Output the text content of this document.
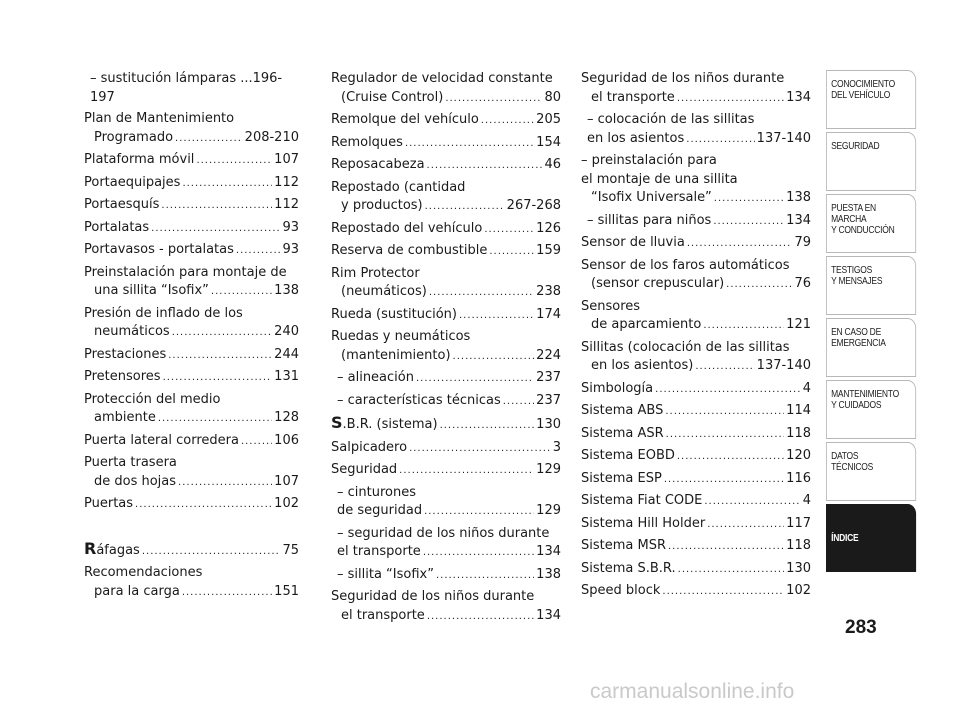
– sustitución lámparas ...196-
197
Plan de Mantenimiento
Programado .....	208-210
Plataforma móvil .....	107
Portaequipajes .....	112
Portaesquís .....	112
Portalatas .....	93
Portavasos - portalatas .....	93
Preinstalación para montaje de
una sillita “Isofix” .....	138
Presión de inflado de los
neumáticos .....	240
Prestaciones .....	244
Pretensores .....	131
Protección del medio
ambiente .....	128
Puerta lateral corredera .....	106
Puerta trasera
de dos hojas .....	107
Puertas .....	102
R áfagas .....	75
Recomendaciones
para la carga .....	151
Regulador de velocidad constante
(Cruise Control) .....	80
Remolque del vehículo .....	205
Remolques .....	154
Reposacabeza .....	46
Repostado (cantidad
y productos) .....	267-268
Repostado del vehículo .....	126
Reserva de combustible .....	159
Rim Protector
(neumáticos) .....	238
Rueda (sustitución) .....	174
Ruedas y neumáticos
(mantenimiento) .....	224
– alineación .....	237
– características técnicas .....	237
S .B.R. (sistema) .....	130
Salpicadero .....	3
Seguridad .....	129
– cinturones
de seguridad .....	129
– seguridad de los niños durante
el transporte .....	134
– sillita “Isofix” .....	138
Seguridad de los niños durante
el transporte .....	134
Seguridad de los niños durante
el transporte .....	134
– colocación de las sillitas
en los asientos .....	137-140
– preinstalación para
el montaje de una sillita
“Isofix Universale” .....	138
– sillitas para niños .....	134
Sensor de lluvia .....	79
Sensor de los faros automáticos
(sensor crepuscular) .....	76
Sensores
de aparcamiento .....	121
Sillitas (colocación de las sillitas
en los asientos) .....	137-140
Simbología .....	4
Sistema ABS .....	114
Sistema ASR .....	118
Sistema EOBD .....	120
Sistema ESP .....	116
Sistema Fiat CODE .....	4
Sistema Hill Holder .....	117
Sistema MSR .....	118
Sistema S.B.R. .....	130
Speed block .....	102
CONOCIMIENTO
DEL VEHÍCULO
SEGURIDAD
PUESTA EN
MARCHA
Y CONDUCCIÓN
TESTIGOS
Y MENSAJES
EN CASO DE
EMERGENCIA
MANTENIMIENTO
Y CUIDADOS
DATOS
TÉCNICOS
ÍNDICE
283
carmanualsonline.info
